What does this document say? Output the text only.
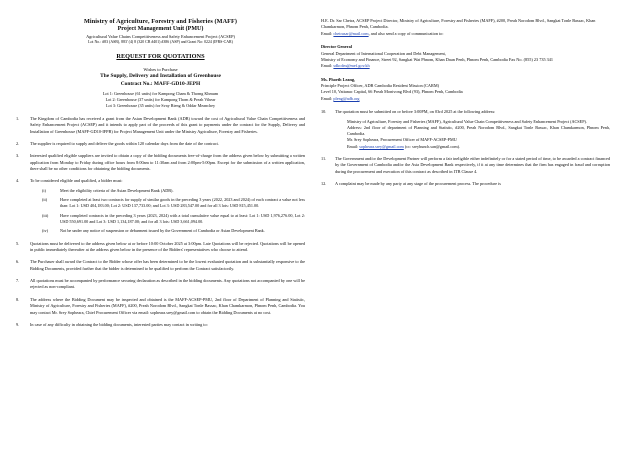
Ministry of Agriculture, Forestry and Fisheries (MAFF)
Project Management Unit (PMU)
Agricultural Value Chains Competitiveness and Safety Enhancement Project (ACSEP)
Lot No.: #83 (ASB), 883' (4) 8 (320 CB #401) #386 (ASP) and Grant No: 0224 (IFRS-CAR)
REQUEST FOR QUOTATIONS
Wishes to Purchase
The Supply, Delivery and Installation of Greenhouse
Contract No.: MAFF-GD10-JEPH
Lot 1: Greenhouse (61 units) for Kampong Cham & Thorng Khmum
Lot 2: Greenhouse (37 units) for Kampong Thom & Preah Vihear
Lot 3: Greenhouse (35 units) for Svay Rieng & Oddar Meanchey
1.	The Kingdom of Cambodia has received a grant from the Asian Development Bank (ADB) toward the cost of Agricultural Value Chain Competitiveness and Safety Enhancement Project (ACSEP) and it intends to apply part of the proceeds of this grant to payments under the contract for the Supply, Delivery and Installation of Greenhouse (MAFF-GD10-IFPB) for Project Management Unit under the Ministry Agriculture, Forestry and Fisheries.
2.	The supplier is required to supply and deliver the goods within 120 calendar days from the date of the contract.
3.	Interested qualified eligible suppliers are invited to obtain a copy of the bidding documents free-of-charge from the address given below by submitting a written application from Monday to Friday during office hours from 8:00am to 11:30am and from 2:00pm-5:00pm. Except for the submission of a written application, there shall be no other conditions for obtaining the bidding documents.
4.	To be considered eligible and qualified, a bidder must:
(i)	Meet the eligibility criteria of the Asian Development Bank (ADB).
(ii)	Have completed at least two contracts for supply of similar goods in the preceding 3 years (2022, 2023 and 2024) of each contract a value not less than: Lot 1: USD 404,183.00; Lot 2: USD 137,733.00; and Lot 3: USD 283,547.00 and for all 3 lots: USD 815,451.00.
(iii)	Have completed contracts in the preceding 3 years (2023, 2024) with a total cumulative value equal to at least: Lot 1: USD 1,976,276.00, Lot 2: USD 550,691.00 and Lot 3: USD 1,134,187.00; and for all 3 lots: USD 3,661,094.00.
(iv)	Not be under any notice of suspension or debarment issued by the Government of Cambodia or Asian Development Bank.
5.	Quotations must be delivered to the address given below at or before 10:00 October 2025 at 3:00pm. Late Quotations will be rejected. Quotations will be opened in public immediately thereafter at the address given below in the presence of the Bidders' representatives who choose to attend.
6.	The Purchaser shall award the Contract to the Bidder whose offer has been determined to be the lowest evaluated quotation and is substantially responsive to the Bidding Documents, provided further that the bidder is determined to be qualified to perform the Contract satisfactorily.
7.	All quotations must be accompanied by performance securing declaration as described in the bidding documents. Any quotations not accompanied by one will be rejected as non-compliant.
8.	The address where the Bidding Document may be inspected and obtained is the MAFF-ACSEP-PMU, 2nd floor of Department of Planning and Statistic, Ministry of Agriculture, Forestry and Fisheries (MAFF), #200, Preah Norodom Blvd., Sangkat Tonle Bassac, Khan Chamkarmon, Phnom Penh, Cambodia. You may contact Mr. Srey Sopheara, Chief Procurement Officer via email: sopheara.srey@gmail.com to obtain the Bidding Documents at no cost.
9.	In case of any difficulty in obtaining the bidding documents, interested parties may contact in writing to:
H.E. Dr. Sar Chetra, ACSEP Project Director, Ministry of Agriculture, Forestry and Fisheries (MAFF), #200, Preah Norodom Blvd., Sangkat Tonle Bassac, Khan Chamkarmon, Phnom Penh, Cambodia.
Email: chetrasar@mail.com, and also send a copy of communication to:
Director General
General Department of International Cooperation and Debt Management,
Ministry of Economy and Finance, Street 92, Sangkat Wat Phnom, Khan Daun Penh, Phnom Penh, Cambodia Fax No. (855) 23 735 341
Email: sdkcdm@mef.gov.kh
Ms. Phoeth Leang,
Principle Project Officer, ADB Cambodia Resident Mission (CARM)
Level 10, Vattanac Capital, 66 Preah Monivong Blvd (93), Phnom Penh, Cambodia
Email: pleng@adb.org
10.	The quotation must be submitted on or before 3:00PM, on 03rd 2025 at the following address:
Ministry of Agriculture, Forestry and Fisheries (MAFF), Agricultural Value Chain Competitiveness and Safety Enhancement Project (ACSEP).
Address: 2nd floor of department of Planning and Statistic, #200, Preah Norodom Blvd., Sangkat Tonle Bassac, Khan Chamkarmon, Phnom Penh, Cambodia.
Mr. Srey Sopheara, Procurement Officer of MAFF-ACSEP-PMU
Email: sopheara.srey@gmail.com (cc: sreybunch.san@gmail.com).
11.	The Government and/or the Development Partner will perform a fair ineligible either indefinitely or for a stated period of time, to be awarded a contract financed by the Government of Cambodia and/or the Asia Development Bank respectively, if it at any time determines that the firm has engaged in fraud and corruption during the procurement and execution of this contract as described in ITB Clause 4.
12.	A complaint may be made by any party at any stage of the procurement process. The procedure is
